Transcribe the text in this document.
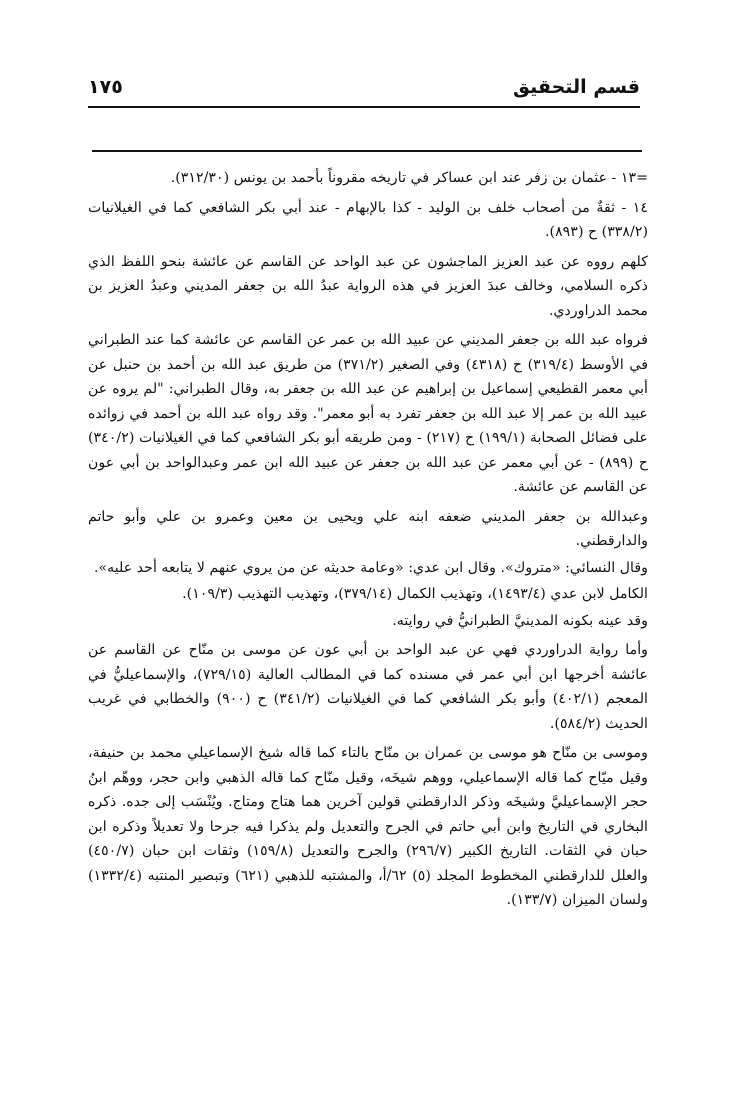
قسم التحقيق
١٧٥

=١٣ - عثمان بن زفر عند ابن عساكر في تاريخه مقروناً بأحمد بن يونس (٣١٢/٣٠).

١٤ - ثقةٌ من أصحاب خلف بن الوليد - كذا بالإبهام - عند أبي بكر الشافعي كما في الغيلانيات (٣٣٨/٢) ح (٨٩٣).

كلهم رووه عن عبد العزيز الماجشون عن عبد الواحد عن القاسم عن عائشة بنحو اللفظ الذي ذكره السلامي، وخالف عبدَ العزيز في هذه الرواية عبدُ الله بن جعفر المديني وعبدُ العزيز بن محمد الدراوردي.

فرواه عبد الله بن جعفر المديني عن عبيد الله بن عمر عن القاسم عن عائشة كما عند الطبراني في الأوسط (٣١٩/٤) ح (٤٣١٨) وفي الصغير (٣٧١/٢) من طريق عبد الله بن أحمد بن حنبل عن أبي معمر القطيعي إسماعيل بن إبراهيم عن عبد الله بن جعفر به، وقال الطبراني: "لم يروه عن عبيد الله بن عمر إلا عبد الله بن جعفر تفرد به أبو معمر". وقد رواه عبد الله بن أحمد في زوائده على فضائل الصحابة (١٩٩/١) ح (٢١٧) - ومن طريقه أبو بكر الشافعي كما في الغيلانيات (٣٤٠/٢) ح (٨٩٩) - عن أبي معمر عن عبد الله بن جعفر عن عبيد الله ابن عمر وعبدالواحد بن أبي عون عن القاسم عن عائشة.

وعبدالله بن جعفر المديني ضعفه ابنه علي ويحيى بن معين وعمرو بن علي وأبو حاتم والدارقطني.

وقال النسائي: «متروك». وقال ابن عدي: «وعامة حديثه عن من يروي عنهم لا يتابعه أحد عليه».

الكامل لابن عدي (١٤٩٣/٤)، وتهذيب الكمال (٣٧٩/١٤)، وتهذيب التهذيب (١٠٩/٣).

وقد عينه بكونه المدينيَّ الطبرانيُّ في روايته.

وأما رواية الدراوردي فهي عن عبد الواحد بن أبي عون عن موسى بن منّاح عن القاسم عن عائشة أخرجها ابن أبي عمر في مسنده كما في المطالب العالية (٧٢٩/١٥)، والإسماعيليُّ في المعجم (٤٠٢/١) وأبو بكر الشافعي كما في الغيلانيات (٣٤١/٢) ح (٩٠٠) والخطابي في غريب الحديث (٥٨٤/٢).

وموسى بن منّاح هو موسى بن عمران بن منّاح بالتاء كما قاله شيخ الإسماعيلي محمد بن حنيفة، وقيل ميّاح كما قاله الإسماعيلي، ووهم شيخَه، وقيل منّاح كما قاله الذهبي وابن حجر، ووهّم ابنُ حجر الإسماعيليَّ وشيخَه وذكر الدارقطني قولين آخرين هما هتاج ومتاج. ويُنْسَب إلى جده. ذكره البخاري في التاريخ وابن أبي حاتم في الجرح والتعديل ولم يذكرا فيه جرحا ولا تعديلاً وذكره ابن حبان في الثقات. التاريخ الكبير (٢٩٦/٧) والجرح والتعديل (١٥٩/٨) وثقات ابن حبان (٤٥٠/٧) والعلل للدارقطني المخطوط المجلد (٥) ٦٢/أ، والمشتبه للذهبي (٦٢١) وتبصير المنتبه (١٣٣٢/٤) ولسان الميزان (١٣٣/٧).
